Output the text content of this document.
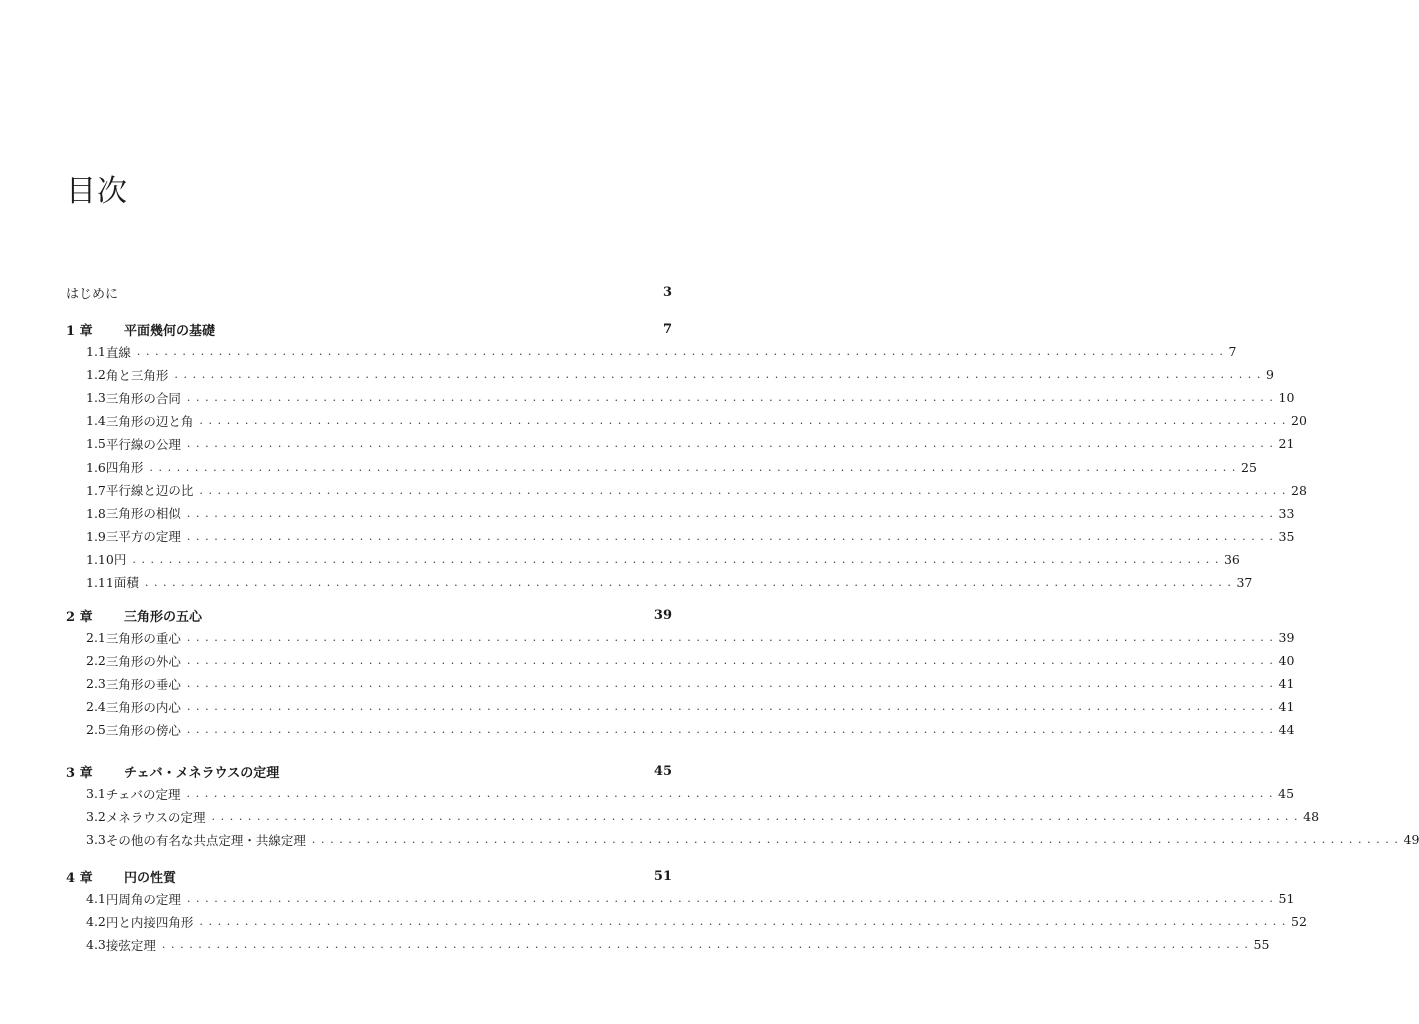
目次
はじめに	3
1 章	平面幾何の基礎	7
1.1 直線 ........................................................................................................................ 7
1.2 角と三角形 ........................................................................................................................ 9
1.3 三角形の合同 ........................................................................................................................ 10
1.4 三角形の辺と角 ........................................................................................................................ 20
1.5 平行線の公理 ........................................................................................................................ 21
1.6 四角形 ........................................................................................................................ 25
1.7 平行線と辺の比 ........................................................................................................................ 28
1.8 三角形の相似 ........................................................................................................................ 33
1.9 三平方の定理 ........................................................................................................................ 35
1.10 円 ........................................................................................................................ 36
1.11 面積 ........................................................................................................................ 37
2 章	三角形の五心	39
2.1 三角形の重心 ........................................................................................................................ 39
2.2 三角形の外心 ........................................................................................................................ 40
2.3 三角形の垂心 ........................................................................................................................ 41
2.4 三角形の内心 ........................................................................................................................ 41
2.5 三角形の傍心 ........................................................................................................................ 44
3 章	チェバ・メネラウスの定理	45
3.1 チェバの定理 ........................................................................................................................ 45
3.2 メネラウスの定理 ........................................................................................................................ 48
3.3 その他の有名な共点定理・共線定理 ........................................................................................................................ 49
4 章	円の性質	51
4.1 円周角の定理 ........................................................................................................................ 51
4.2 円と内接四角形 ........................................................................................................................ 52
4.3 接弦定理 ........................................................................................................................ 55
